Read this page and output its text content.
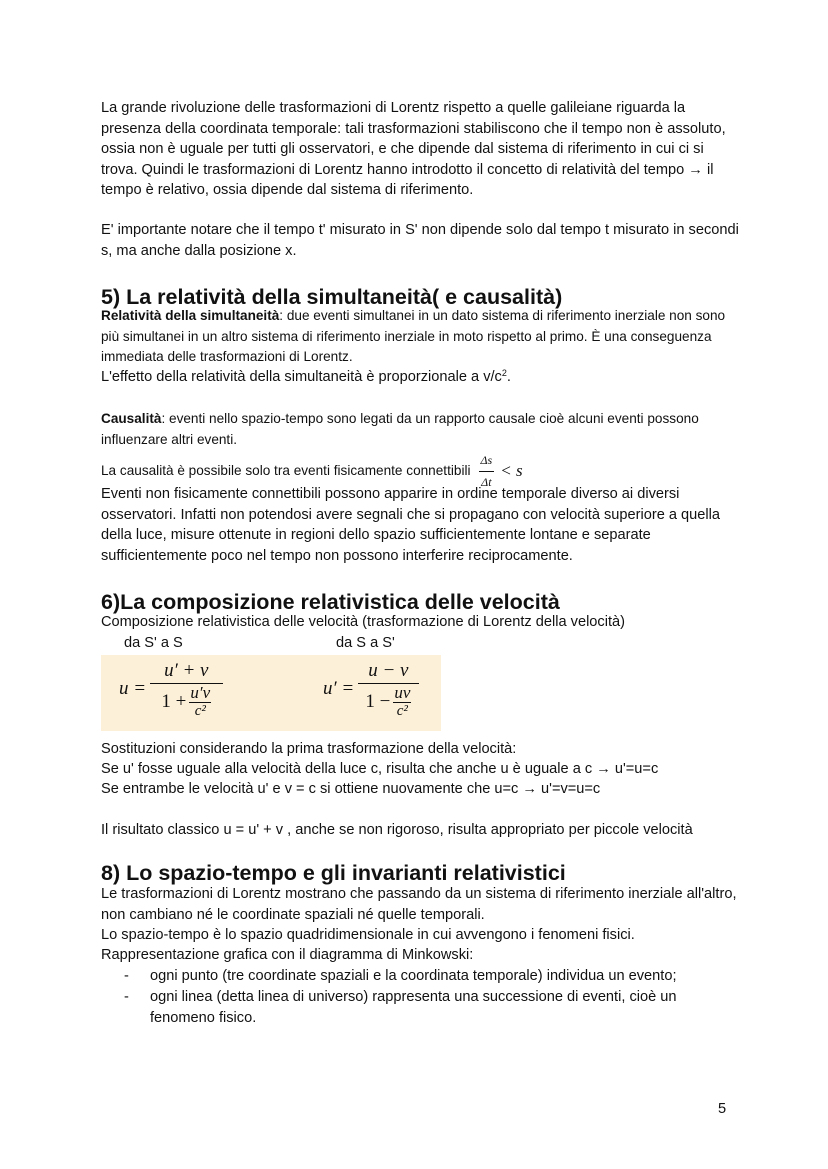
La grande rivoluzione delle trasformazioni di Lorentz rispetto a quelle galileiane riguarda la presenza della coordinata temporale: tali trasformazioni stabiliscono che il tempo non è assoluto, ossia non è uguale per tutti gli osservatori, e che dipende dal sistema di riferimento in cui ci si trova. Quindi le trasformazioni di Lorentz hanno introdotto il concetto di relatività del tempo → il tempo è relativo, ossia dipende dal sistema di riferimento.

E' importante notare che il tempo t' misurato in S' non dipende solo dal tempo t misurato in secondi s, ma anche dalla posizione x.

5) La relatività della simultaneità( e causalità)

Relatività della simultaneità: due eventi simultanei in un dato sistema di riferimento inerziale non sono più simultanei in un altro sistema di riferimento inerziale in moto rispetto al primo. È una conseguenza immediata delle trasformazioni di Lorentz.

L'effetto della relatività della simultaneità è proporzionale a $v/c^2$.

Causalità: eventi nello spazio-tempo sono legati da un rapporto causale cioè alcuni eventi possono influenzare altri eventi.

La causalità è possibile solo tra eventi fisicamente connettibili $\frac{\Delta s}{\Delta t} < s$

Eventi non fisicamente connettibili possono apparire in ordine temporale diverso ai diversi osservatori. Infatti non potendosi avere segnali che si propagano con velocità superiore a quella della luce, misure ottenute in regioni dello spazio sufficientemente lontane e separate sufficientemente poco nel tempo non possono interferire reciprocamente.

6)La composizione relativistica delle velocità

Composizione relativistica delle velocità (trasformazione di Lorentz della velocità)

da S' a S	da S a S'
$u = \frac{u' + v}{1 + \frac{u'v}{\text{c²}}}$	$u' = \frac{u - v}{1 - \frac{uv}{\text{c²}}}$

Sostituzioni considerando la prima trasformazione della velocità:

Se u' fosse uguale alla velocità della luce c, risulta che anche u è uguale a c → u'=u=c

Se entrambe le velocità u' e v = c si ottiene nuovamente che u=c → u'=v=u=c

Il risultato classico u = u' + v , anche se non rigoroso, risulta appropriato per piccole velocità

8) Lo spazio-tempo e gli invarianti relativistici

Le trasformazioni di Lorentz mostrano che passando da un sistema di riferimento inerziale all'altro, non cambiano né le coordinate spaziali né quelle temporali.

Lo spazio-tempo è lo spazio quadridimensionale in cui avvengono i fenomeni fisici.

Rappresentazione grafica con il diagramma di Minkowski:

- ogni punto (tre coordinate spaziali e la coordinata temporale) individua un evento;
- ogni linea (detta linea di universo) rappresenta una successione di eventi, cioè un fenomeno fisico.
5
